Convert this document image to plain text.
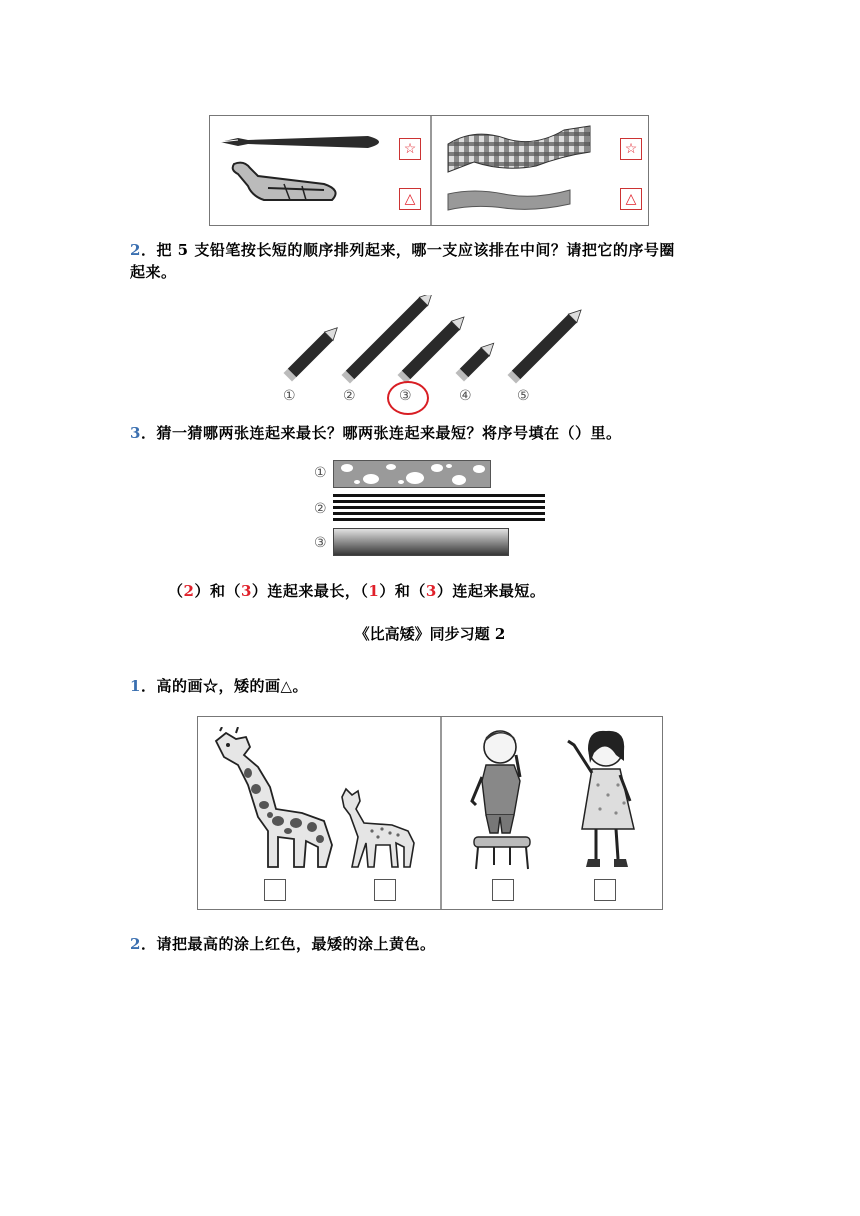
☆
△
☆
△
2．把 5 支铅笔按长短的顺序排列起来，哪一支应该排在中间？请把它的序号圈
起来。
①	②	③	④	⑤
3．猜一猜哪两张连起来最长？哪两张连起来最短？将序号填在（）里。
①
②
③
（2）和（3）连起来最长，（1）和（3）连起来最短。
《比高矮》同步习题 2
1．高的画☆，矮的画△。
2．请把最高的涂上红色，最矮的涂上黄色。
